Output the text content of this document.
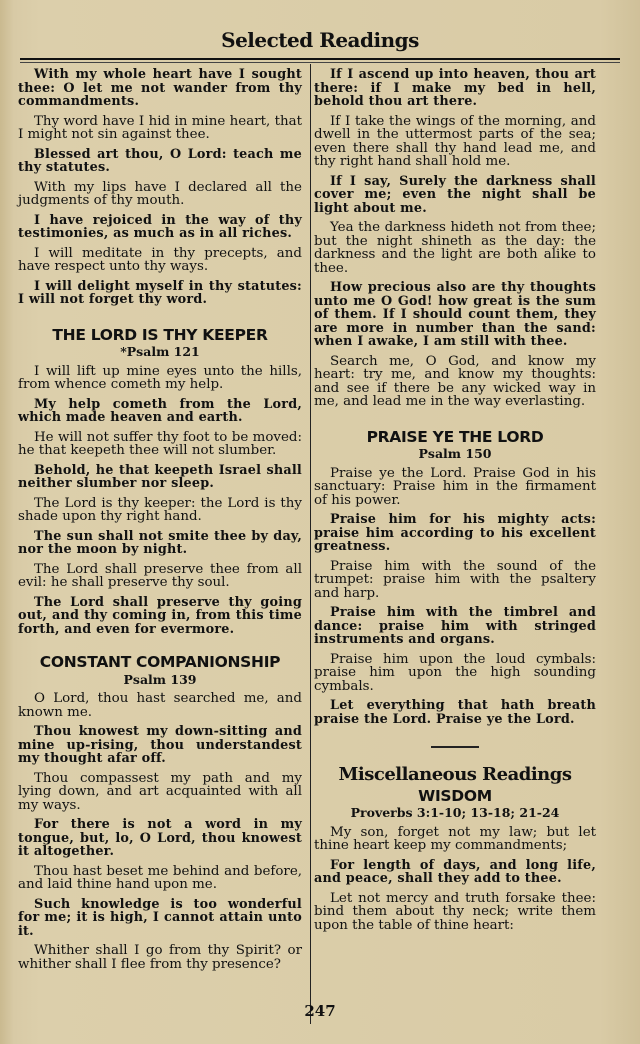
Selected Readings

With my whole heart have I sought thee: O let me not wander from thy commandments.

Thy word have I hid in mine heart, that I might not sin against thee.

Blessed art thou, O Lord: teach me thy statutes.

With my lips have I declared all the judgments of thy mouth.

I have rejoiced in the way of thy testimonies, as much as in all riches.

I will meditate in thy precepts, and have respect unto thy ways.

I will delight myself in thy statutes: I will not forget thy word.

THE LORD IS THY KEEPER
*Psalm 121

I will lift up mine eyes unto the hills, from whence cometh my help.

My help cometh from the Lord, which made heaven and earth.

He will not suffer thy foot to be moved: he that keepeth thee will not slumber.

Behold, he that keepeth Israel shall neither slumber nor sleep.

The Lord is thy keeper: the Lord is thy shade upon thy right hand.

The sun shall not smite thee by day, nor the moon by night.

The Lord shall preserve thee from all evil: he shall preserve thy soul.

The Lord shall preserve thy going out, and thy coming in, from this time forth, and even for evermore.

CONSTANT COMPANIONSHIP
Psalm 139

O Lord, thou hast searched me, and known me.

Thou knowest my down-sitting and mine up-rising, thou understandest my thought afar off.

Thou compassest my path and my lying down, and art acquainted with all my ways.

For there is not a word in my tongue, but, lo, O Lord, thou knowest it altogether.

Thou hast beset me behind and before, and laid thine hand upon me.

Such knowledge is too wonderful for me; it is high, I cannot attain unto it.

Whither shall I go from thy Spirit? or whither shall I flee from thy presence?

If I ascend up into heaven, thou art there: if I make my bed in hell, behold thou art there.

If I take the wings of the morning, and dwell in the uttermost parts of the sea; even there shall thy hand lead me, and thy right hand shall hold me.

If I say, Surely the darkness shall cover me; even the night shall be light about me.

Yea the darkness hideth not from thee; but the night shineth as the day: the darkness and the light are both alike to thee.

How precious also are thy thoughts unto me O God! how great is the sum of them. If I should count them, they are more in number than the sand: when I awake, I am still with thee.

Search me, O God, and know my heart: try me, and know my thoughts: and see if there be any wicked way in me, and lead me in the way everlasting.

PRAISE YE THE LORD
Psalm 150

Praise ye the Lord. Praise God in his sanctuary: Praise him in the firmament of his power.

Praise him for his mighty acts: praise him according to his excellent greatness.

Praise him with the sound of the trumpet: praise him with the psaltery and harp.

Praise him with the timbrel and dance: praise him with stringed instruments and organs.

Praise him upon the loud cymbals: praise him upon the high sounding cymbals.

Let everything that hath breath praise the Lord. Praise ye the Lord.

Miscellaneous Readings
WISDOM
Proverbs 3:1-10; 13-18; 21-24

My son, forget not my law; but let thine heart keep my commandments;

For length of days, and long life, and peace, shall they add to thee.

Let not mercy and truth forsake thee: bind them about thy neck; write them upon the table of thine heart:

247
